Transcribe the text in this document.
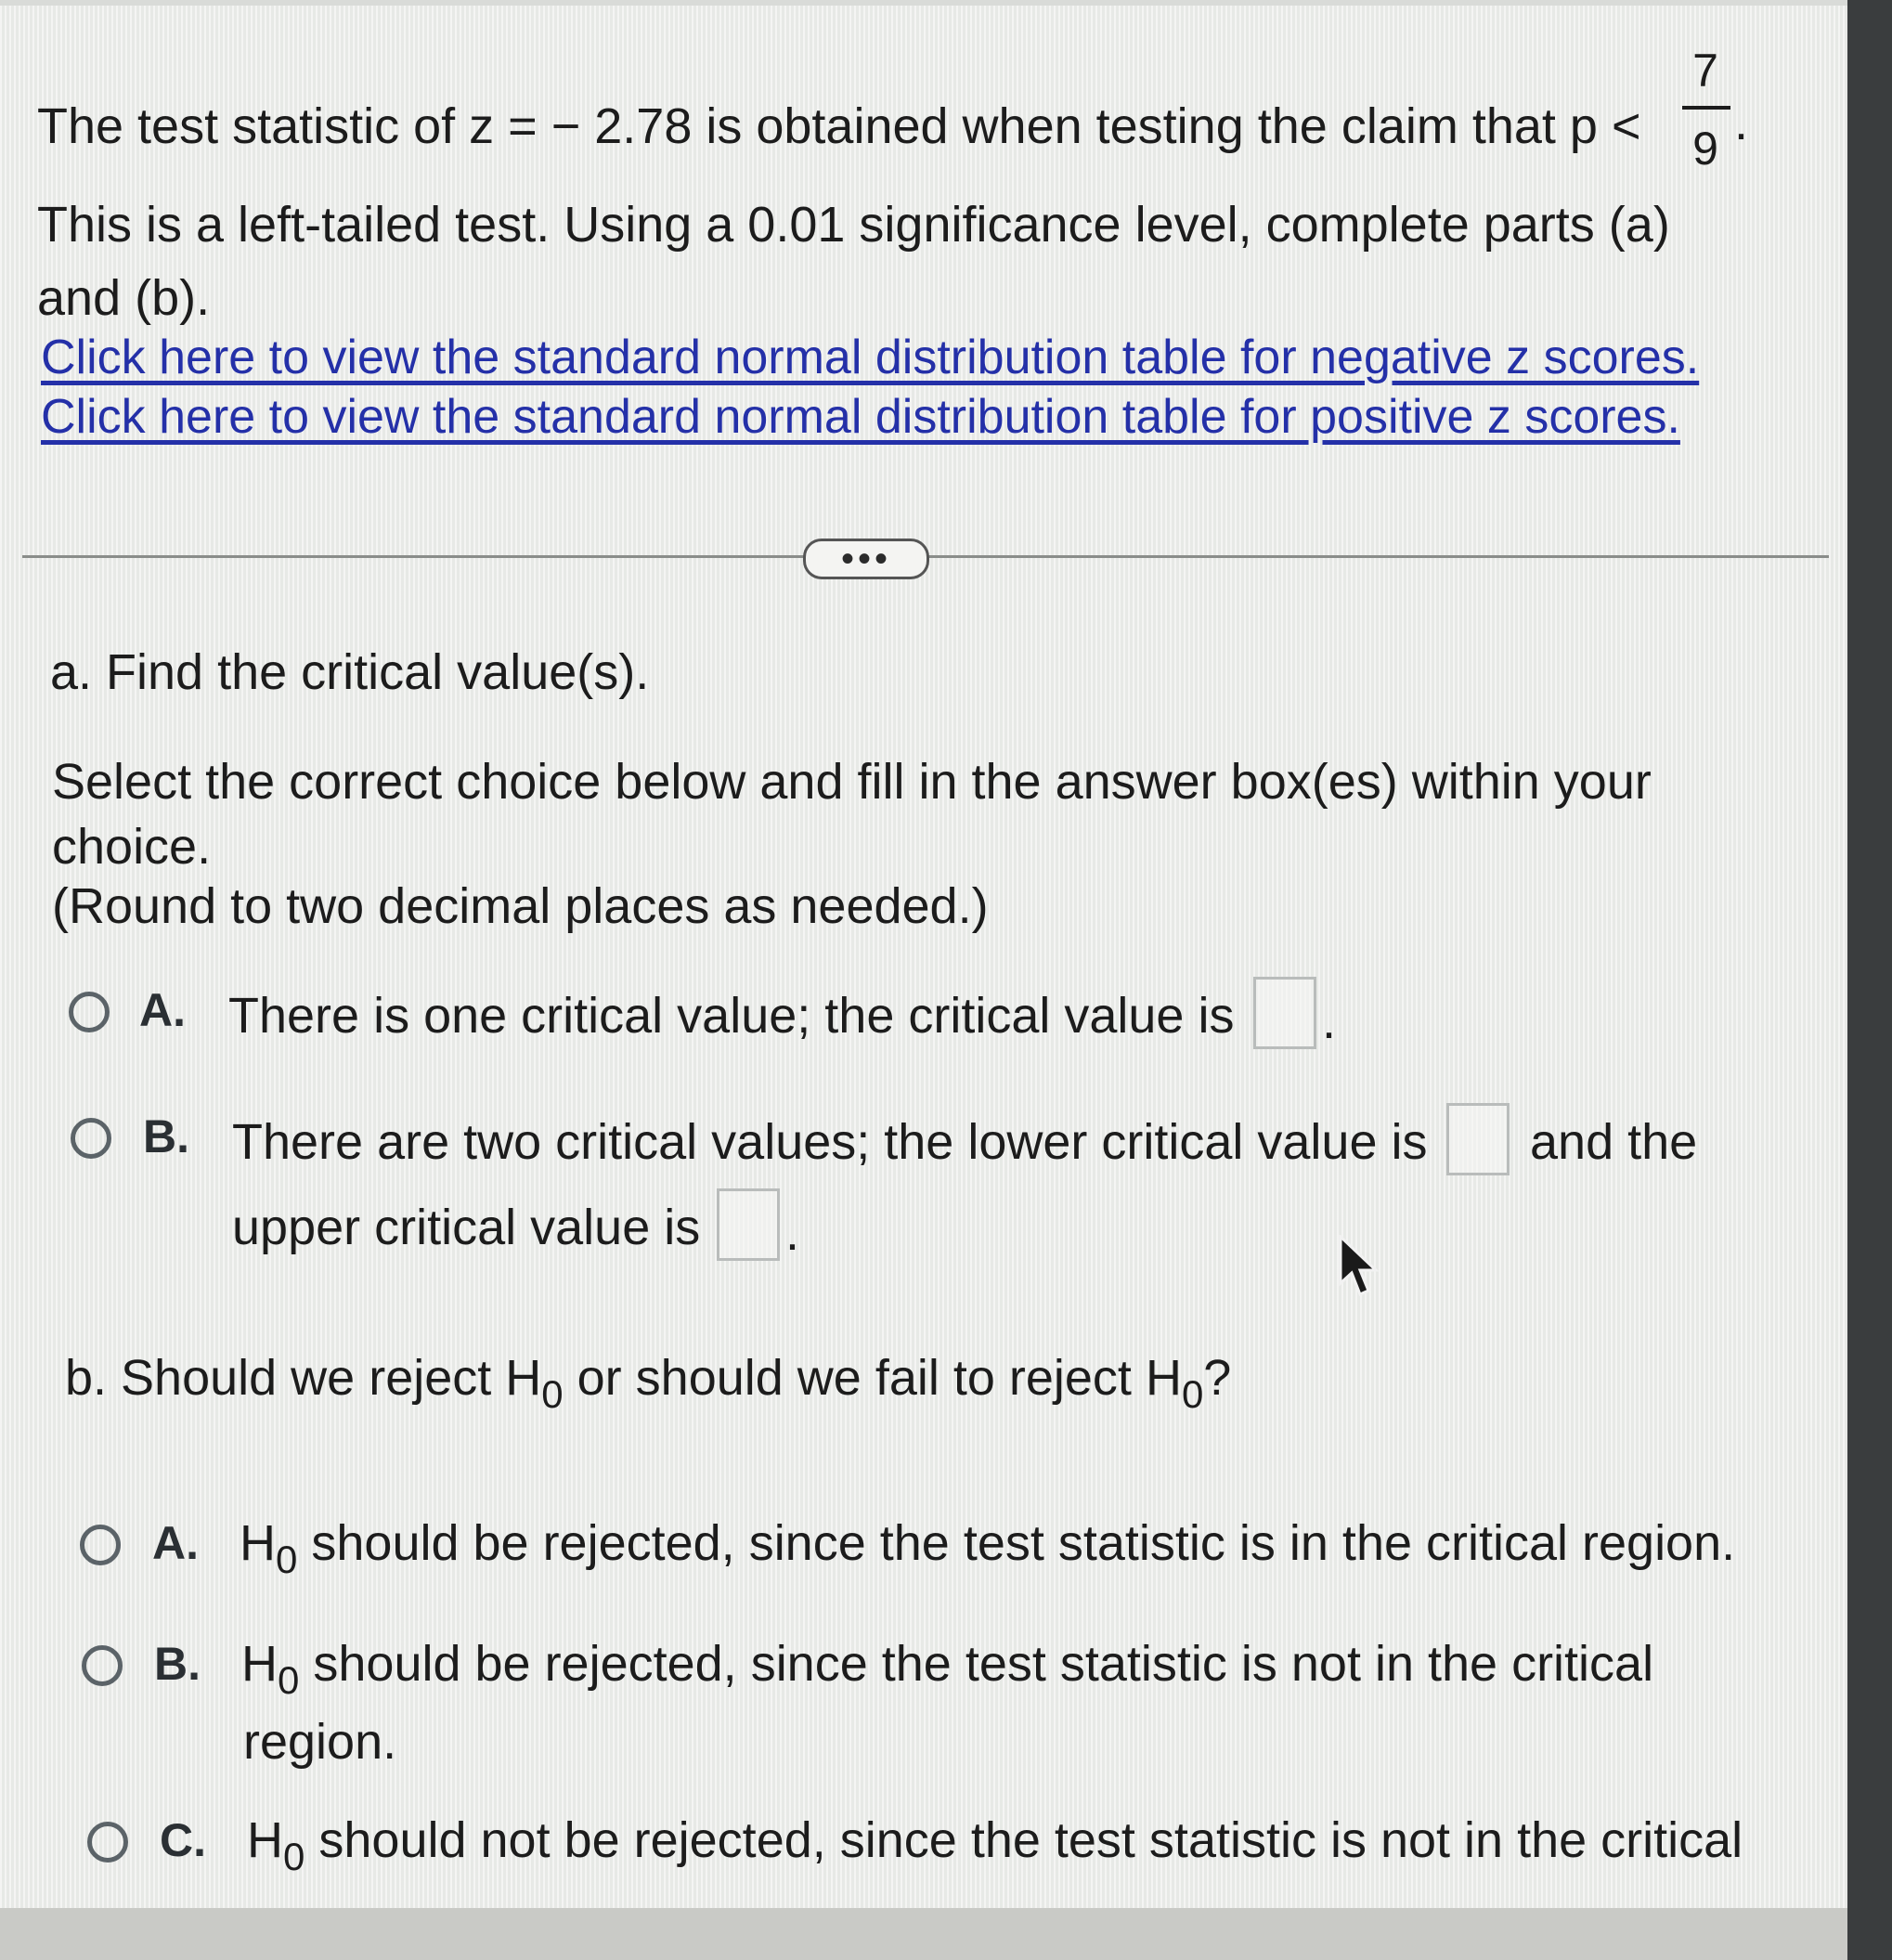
The test statistic of z = − 2.78 is obtained when testing the claim that p <
7
9 .
This is a left-tailed test. Using a 0.01 significance level, complete parts (a)
and (b).
Click here to view the standard normal distribution table for negative z scores.
Click here to view the standard normal distribution table for positive z scores.
•••
a. Find the critical value(s).
Select the correct choice below and fill in the answer box(es) within your
choice.
(Round to two decimal places as needed.)
A. There is one critical value; the critical value is .
B. There are two critical values; the lower critical value is and the
upper critical value is .
b. Should we reject $H_0$ or should we fail to reject $H_0$?
A. $H_0$ should be rejected, since the test statistic is in the critical region.
B. $H_0$ should be rejected, since the test statistic is not in the critical
region.
C. $H_0$ should not be rejected, since the test statistic is not in the critical
